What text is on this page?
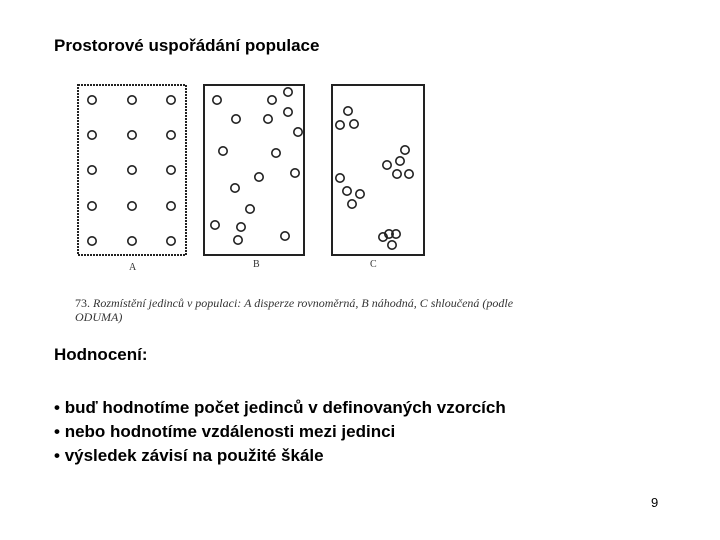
Prostorové uspořádání populace
A	B	C
73. Rozmístění jedinců v populaci: A disperze rovnoměrná, B náhodná, C shloučená (podle ODUMA)
Hodnocení:
• buď hodnotíme počet jedinců v definovaných vzorcích
• nebo hodnotíme vzdálenosti mezi jedinci
• výsledek závisí na použité škále
9
